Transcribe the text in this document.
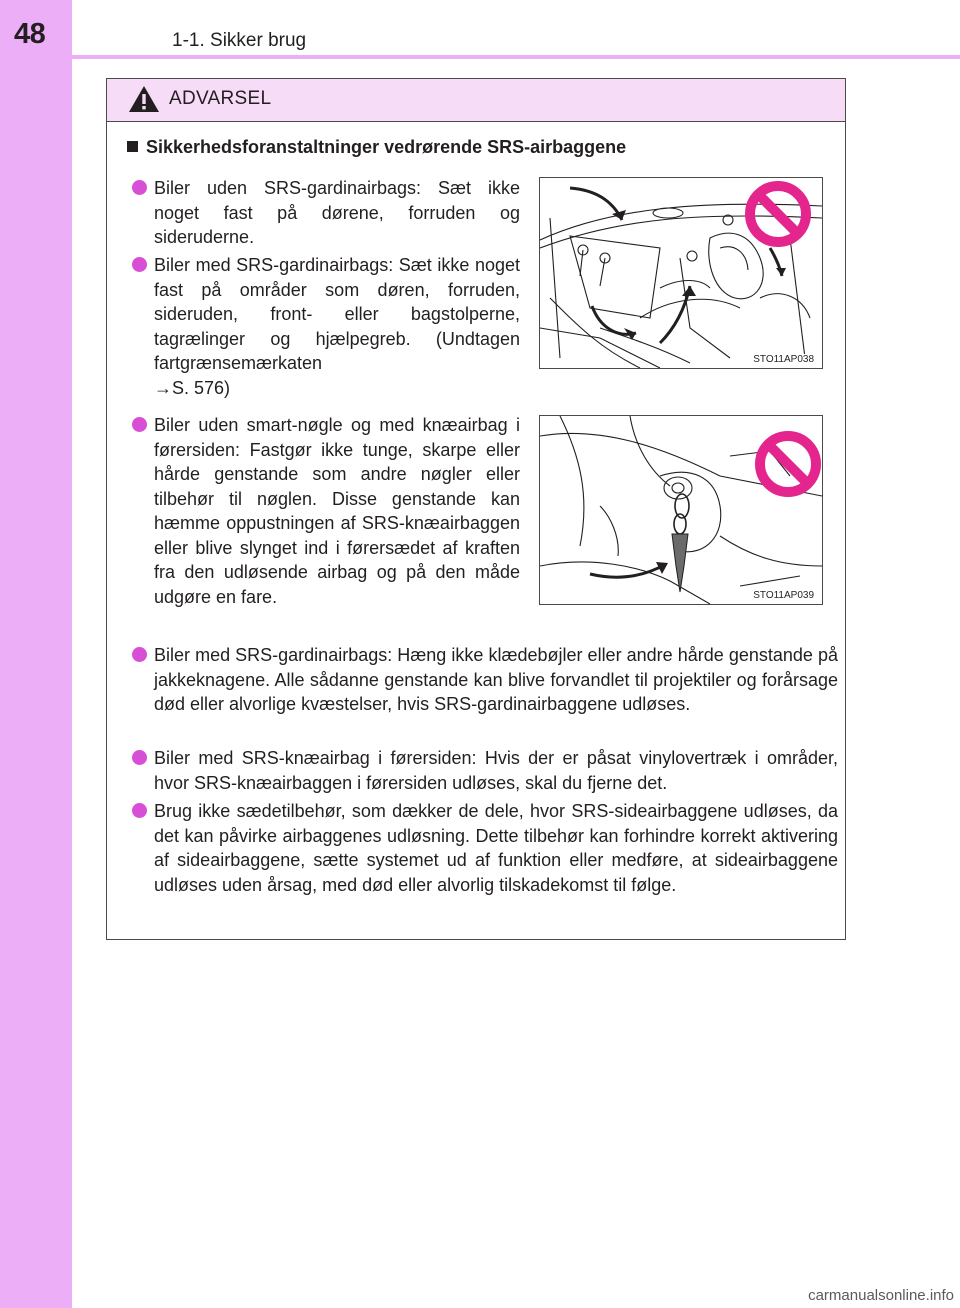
48	1-1. Sikker brug
ADVARSEL
Sikkerhedsforanstaltninger vedrørende SRS-airbaggene
Biler uden SRS-gardinairbags: Sæt ikke noget fast på dørene, forruden og sideruderne.
Biler med SRS-gardinairbags: Sæt ikke noget fast på områder som døren, forruden, sideruden, front- eller bagstolperne, tagrælinger og hjælpegreb. (Undtagen fartgrænsemærkaten
→S. 576)
Biler uden smart-nøgle og med knæairbag i førersiden: Fastgør ikke tunge, skarpe eller hårde genstande som andre nøgler eller tilbehør til nøglen. Disse genstande kan hæmme oppustningen af SRS-knæairbaggen eller blive slynget ind i førersædet af kraften fra den udløsende airbag og på den måde udgøre en fare.
Biler med SRS-gardinairbags: Hæng ikke klædebøjler eller andre hårde genstande på jakkeknagene. Alle sådanne genstande kan blive forvandlet til projektiler og forårsage død eller alvorlige kvæstelser, hvis SRS-gardinairbaggene udløses.
Biler med SRS-knæairbag i førersiden: Hvis der er påsat vinylovertræk i områder, hvor SRS-knæairbaggen i førersiden udløses, skal du fjerne det.
Brug ikke sædetilbehør, som dækker de dele, hvor SRS-sideairbaggene udløses, da det kan påvirke airbaggenes udløsning. Dette tilbehør kan forhindre korrekt aktivering af sideairbaggene, sætte systemet ud af funktion eller medføre, at sideairbaggene udløses uden årsag, med død eller alvorlig tilskadekomst til følge.
STO11AP038
STO11AP039
carmanualsonline.info
